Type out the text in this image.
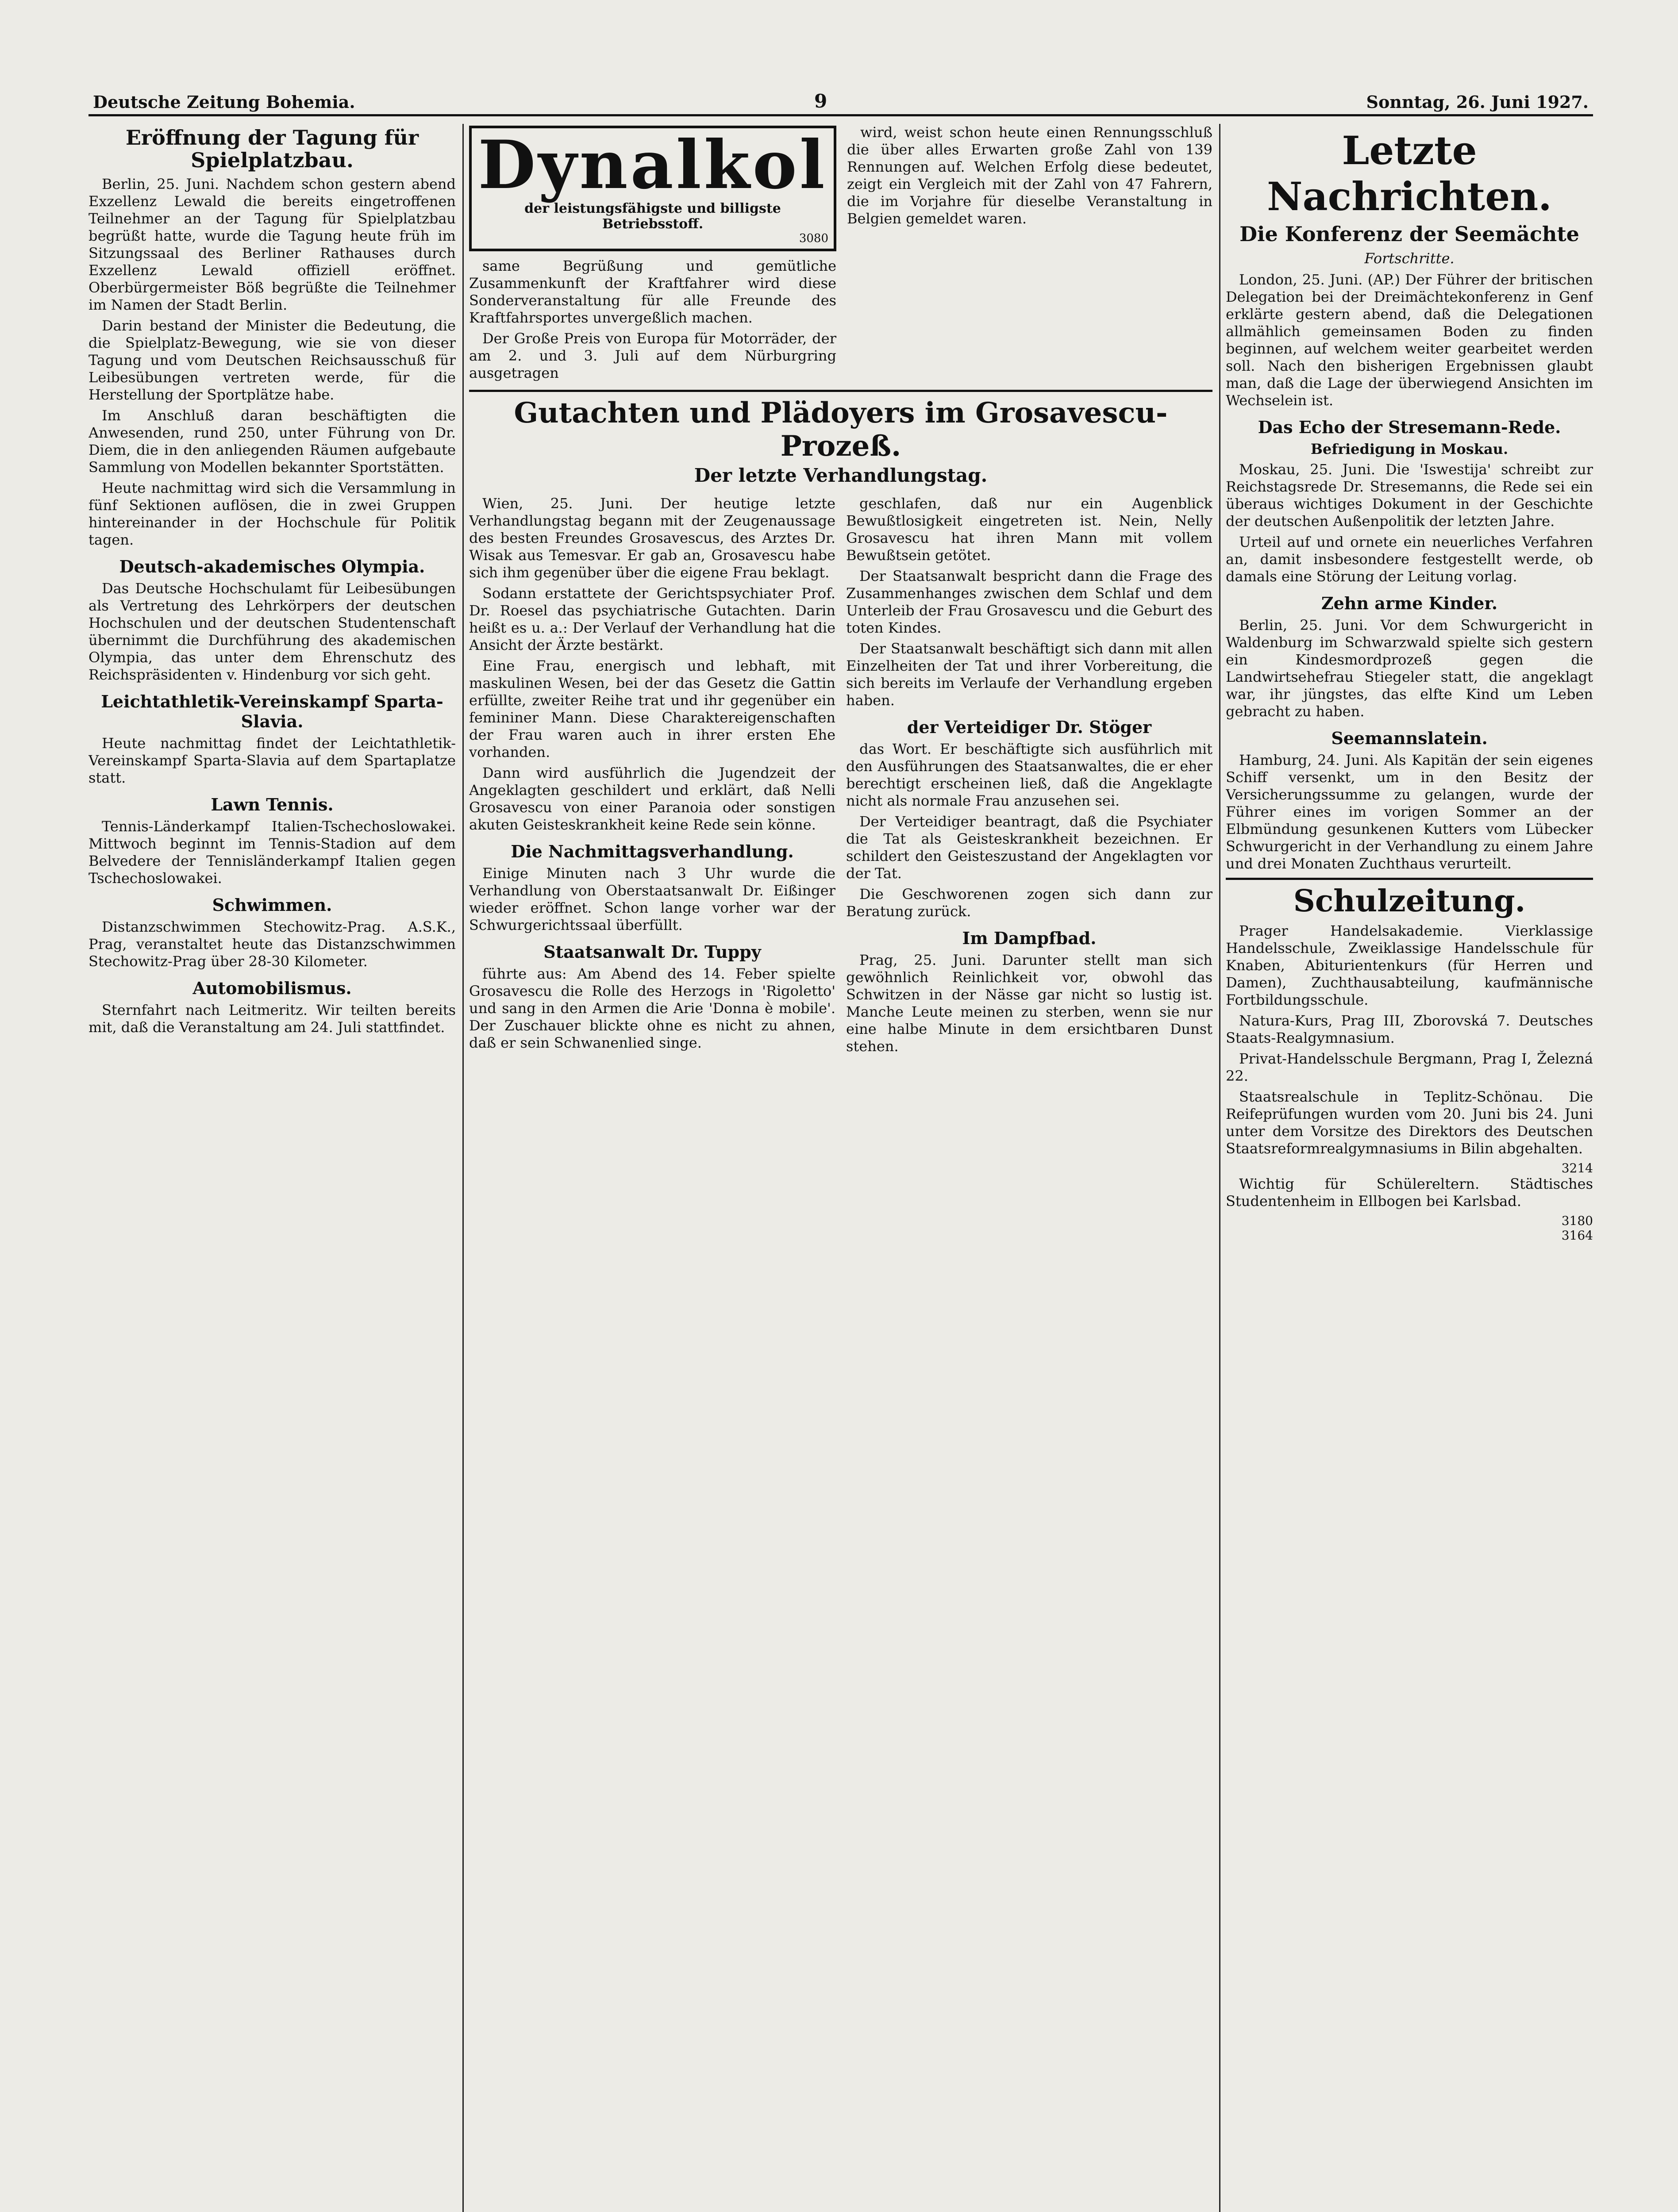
Deutsche Zeitung Bohemia.	9	Sonntag, 26. Juni 1927.
Eröffnung der Tagung für Spielplatzbau.

Berlin, 25. Juni. Nachdem schon gestern abend Exzellenz Lewald die bereits eingetroffenen Teilnehmer an der Tagung für Spielplatzbau begrüßt hatte, wurde die Tagung heute früh im Sitzungssaal des Berliner Rathauses durch Exzellenz Lewald offiziell eröffnet. Oberbürgermeister Böß begrüßte die Teilnehmer im Namen der Stadt Berlin.

Darin bestand der Minister die Bedeutung, die die Spielplatz-Bewegung, wie sie von dieser Tagung und vom Deutschen Reichsausschuß für Leibesübungen vertreten werde, für die Herstellung der Sportplätze habe.

Im Anschluß daran beschäftigten die Anwesenden, rund 250, unter Führung von Dr. Diem, die in den anliegenden Räumen aufgebaute Sammlung von Modellen bekannter Sportstätten.

Heute nachmittag wird sich die Versammlung in fünf Sektionen auflösen, die in zwei Gruppen hintereinander in der Hochschule für Politik tagen.

Deutsch-akademisches Olympia.

Das Deutsche Hochschulamt für Leibesübungen als Vertretung des Lehrkörpers der deutschen Hochschulen und der deutschen Studentenschaft übernimmt die Durchführung des akademischen Olympia, das unter dem Ehrenschutz des Reichspräsidenten v. Hindenburg vor sich geht.

Leichtathletik-Vereinskampf Sparta-Slavia.

Heute nachmittag findet der Leichtathletik-Vereinskampf Sparta-Slavia auf dem Spartaplatze statt.

Lawn Tennis.

Tennis-Länderkampf Italien-Tschechoslowakei. Mittwoch beginnt im Tennis-Stadion auf dem Belvedere der Tennisländerkampf Italien gegen Tschechoslowakei.

Schwimmen.

Distanzschwimmen Stechowitz-Prag. A.S.K., Prag, veranstaltet heute das Distanzschwimmen Stechowitz-Prag über 28-30 Kilometer.

Automobilismus.

Sternfahrt nach Leitmeritz. Wir teilten bereits mit, daß die Veranstaltung am 24. Juli stattfindet.

Dynalkol
der leistungsfähigste und billigste Betriebsstoff.
3080

same Begrüßung und gemütliche Zusammenkunft der Kraftfahrer wird diese Sonderveranstaltung für alle Freunde des Kraftfahrsportes unvergeßlich machen.

Der Große Preis von Europa für Motorräder, der am 2. und 3. Juli auf dem Nürburgring ausgetragen

wird, weist schon heute einen Rennungsschluß die über alles Erwarten große Zahl von 139 Rennungen auf. Welchen Erfolg diese bedeutet, zeigt ein Vergleich mit der Zahl von 47 Fahrern, die im Vorjahre für dieselbe Veranstaltung in Belgien gemeldet waren.

Gutachten und Plädoyers im Grosavescu-Prozeß.
Der letzte Verhandlungstag.

Wien, 25. Juni. Der heutige letzte Verhandlungstag begann mit der Zeugenaussage des besten Freundes Grosavescus, des Arztes Dr. Wisak aus Temesvar. Er gab an, Grosavescu habe sich ihm gegenüber über die eigene Frau beklagt.

Sodann erstattete der Gerichtspsychiater Prof. Dr. Roesel das psychiatrische Gutachten. Darin heißt es u. a.: Der Verlauf der Verhandlung hat die Ansicht der Ärzte bestärkt.

Eine Frau, energisch und lebhaft, mit maskulinen Wesen, bei der das Gesetz die Gattin erfüllte, zweiter Reihe trat und ihr gegenüber ein femininer Mann. Diese Charaktereigenschaften der Frau waren auch in ihrer ersten Ehe vorhanden.

Dann wird ausführlich die Jugendzeit der Angeklagten geschildert und erklärt, daß Nelli Grosavescu von einer Paranoia oder sonstigen akuten Geisteskrankheit keine Rede sein könne.

Die Nachmittagsverhandlung.

Einige Minuten nach 3 Uhr wurde die Verhandlung von Oberstaatsanwalt Dr. Eißinger wieder eröffnet. Schon lange vorher war der Schwurgerichtssaal überfüllt.

Staatsanwalt Dr. Tuppy

führte aus: Am Abend des 14. Feber spielte Grosavescu die Rolle des Herzogs in 'Rigoletto' und sang in den Armen die Arie 'Donna è mobile'. Der Zuschauer blickte ohne es nicht zu ahnen, daß er sein Schwanenlied singe.

geschlafen, daß nur ein Augenblick Bewußtlosigkeit eingetreten ist. Nein, Nelly Grosavescu hat ihren Mann mit vollem Bewußtsein getötet.

Der Staatsanwalt bespricht dann die Frage des Zusammenhanges zwischen dem Schlaf und dem Unterleib der Frau Grosavescu und die Geburt des toten Kindes.

Der Staatsanwalt beschäftigt sich dann mit allen Einzelheiten der Tat und ihrer Vorbereitung, die sich bereits im Verlaufe der Verhandlung ergeben haben.

der Verteidiger Dr. Stöger

das Wort. Er beschäftigte sich ausführlich mit den Ausführungen des Staatsanwaltes, die er eher berechtigt erscheinen ließ, daß die Angeklagte nicht als normale Frau anzusehen sei.

Der Verteidiger beantragt, daß die Psychiater die Tat als Geisteskrankheit bezeichnen. Er schildert den Geisteszustand der Angeklagten vor der Tat.

Die Geschworenen zogen sich dann zur Beratung zurück.

Im Dampfbad.

Prag, 25. Juni. Darunter stellt man sich gewöhnlich Reinlichkeit vor, obwohl das Schwitzen in der Nässe gar nicht so lustig ist. Manche Leute meinen zu sterben, wenn sie nur eine halbe Minute in dem ersichtbaren Dunst stehen.

Letzte Nachrichten.
Die Konferenz der Seemächte
Fortschritte.

London, 25. Juni. (AP.) Der Führer der britischen Delegation bei der Dreimächtekonferenz in Genf erklärte gestern abend, daß die Delegationen allmählich gemeinsamen Boden zu finden beginnen, auf welchem weiter gearbeitet werden soll. Nach den bisherigen Ergebnissen glaubt man, daß die Lage der überwiegend Ansichten im Wechselein ist.

Das Echo der Stresemann-Rede.
Befriedigung in Moskau.

Moskau, 25. Juni. Die 'Iswestija' schreibt zur Reichstagsrede Dr. Stresemanns, die Rede sei ein überaus wichtiges Dokument in der Geschichte der deutschen Außenpolitik der letzten Jahre.

Urteil auf und ornete ein neuerliches Verfahren an, damit insbesondere festgestellt werde, ob damals eine Störung der Leitung vorlag.

Zehn arme Kinder.

Berlin, 25. Juni. Vor dem Schwurgericht in Waldenburg im Schwarzwald spielte sich gestern ein Kindesmordprozeß gegen die Landwirtsehefrau Stiegeler statt, die angeklagt war, ihr jüngstes, das elfte Kind um Leben gebracht zu haben.

Seemannslatein.

Hamburg, 24. Juni. Als Kapitän der sein eigenes Schiff versenkt, um in den Besitz der Versicherungssumme zu gelangen, wurde der Führer eines im vorigen Sommer an der Elbmündung gesunkenen Kutters vom Lübecker Schwurgericht in der Verhandlung zu einem Jahre und drei Monaten Zuchthaus verurteilt.

Schulzeitung.

Prager Handelsakademie. Vierklassige Handelsschule, Zweiklassige Handelsschule für Knaben, Abiturientenkurs (für Herren und Damen), Zuchthausabteilung, kaufmännische Fortbildungsschule.

Natura-Kurs, Prag III, Zborovská 7. Deutsches Staats-Realgymnasium.

Privat-Handelsschule Bergmann, Prag I, Železná 22.

Staatsrealschule in Teplitz-Schönau. Die Reifeprüfungen wurden vom 20. Juni bis 24. Juni unter dem Vorsitze des Direktors des Deutschen Staatsreformrealgymnasiums in Bilin abgehalten.

3214

Wichtig für Schülereltern. Städtisches Studentenheim in Ellbogen bei Karlsbad.

3180
3164
